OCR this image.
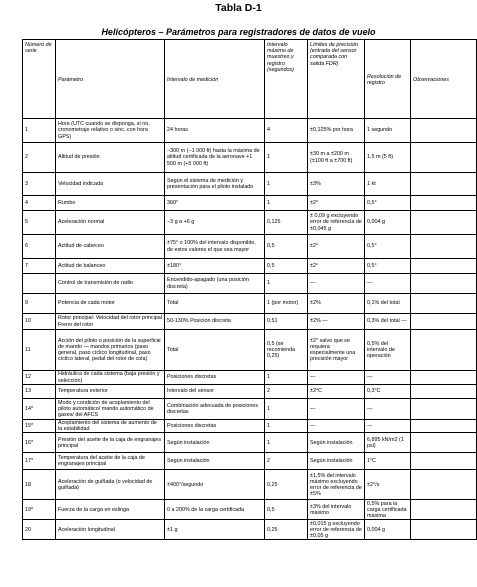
Tabla D-1
Helicópteros – Parámetros para registradores de datos de vuelo
Número de serie	Parámetro	Intervalo de medición	Intervalo máximo de muestreo y registro (segundos)	Límites de precisión (entrada del sensor comparada con salida FDR)	Resolución de registro	Observaciones
1	Hora (UTC cuando se disponga, si no, cronometraje relativo o sinc. con hora GPS)	24 horas	4	±0,125% por hora	1 segundo	
2	Altitud de presión	−300 m (−1 000 ft) hasta la máxima de altitud certificada de la aeronave +1 500 m (+5 000 ft)	1	±30 m a ±200 m (±100 ft a ±700 ft)	1,5 m (5 ft)	
3	Velocidad indicada	Según el sistema de medición y presentación para el piloto instalado	1	±3%	1 kt	
4	Rumbo	360°	1	±2°	0,5°	
5	Aceleración normal	−3 g a +6 g	0,125	± 0,09 g excluyendo error de referencia de ±0,045 g	0,004 g	
6	Actitud de cabeceo	±75° o 100% del intervalo disponible, de estos valores el que sea mayor	0,5	±2°	0,5°	
7	Actitud de balanceo	±180°	0,5	±2°	0,5°	
	Control de transmisión de radio	Encendido-apagado (una posición discreta)	1	—	—	
9	Potencia de cada motor	Total	1 (por motor)	±2%	0,1% del total	
10	Rotor principal: Velocidad del rotor principal Freno del rotor	50-130% Posición discreta	0,51	±2% —	0,3% del total —	
11	Acción del piloto o posición de la superficie de mando — mandos primarios (paso general, paso cíclico longitudinal, paso cíclico lateral, pedal del rotor de cola)	Total	0,5 (se recomienda 0,25)	±2° salvo que se requiera especialmente una precisión mayor	0,5% del intervalo de operación	
12	Hidráulica de cada sistema (baja presión y selección)	Posiciones discretas	1	—	—	
13	Temperatura exterior	Intervalo del sensor	2	±2°C	0,3°C	
14*	Modo y condición de acoplamiento del piloto automático/ mando automático de gases/ del AFCS	Combinación adecuada de posiciones discretas	1	—	—	
15*	Acoplamiento del sistema de aumento de la estabilidad	Posiciones discretas	1	—	—	
16*	Presión del aceite de la caja de engranajes principal	Según instalación	1	Según instalación	6,895 kN/m2 (1 psi)	
17*	Temperatura del aceite de la caja de engranajes principal	Según instalación	2	Según instalación	1°C	
18	Aceleración de guiñada (o velocidad de guiñada)	±400°/segundo	0,25	±1,5% del intervalo máximo excluyendo error de referencia de ±5%	±2°/s	
19*	Fuerza de la carga en eslinga	0 a 200% de la carga certificada	0,5	±3% del intervalo máximo	0,5% para la carga certificada máxima	
20	Aceleración longitudinal	±1 g	0,25	±0,015 g excluyendo error de referencia de ±0,05 g	0,004 g	
